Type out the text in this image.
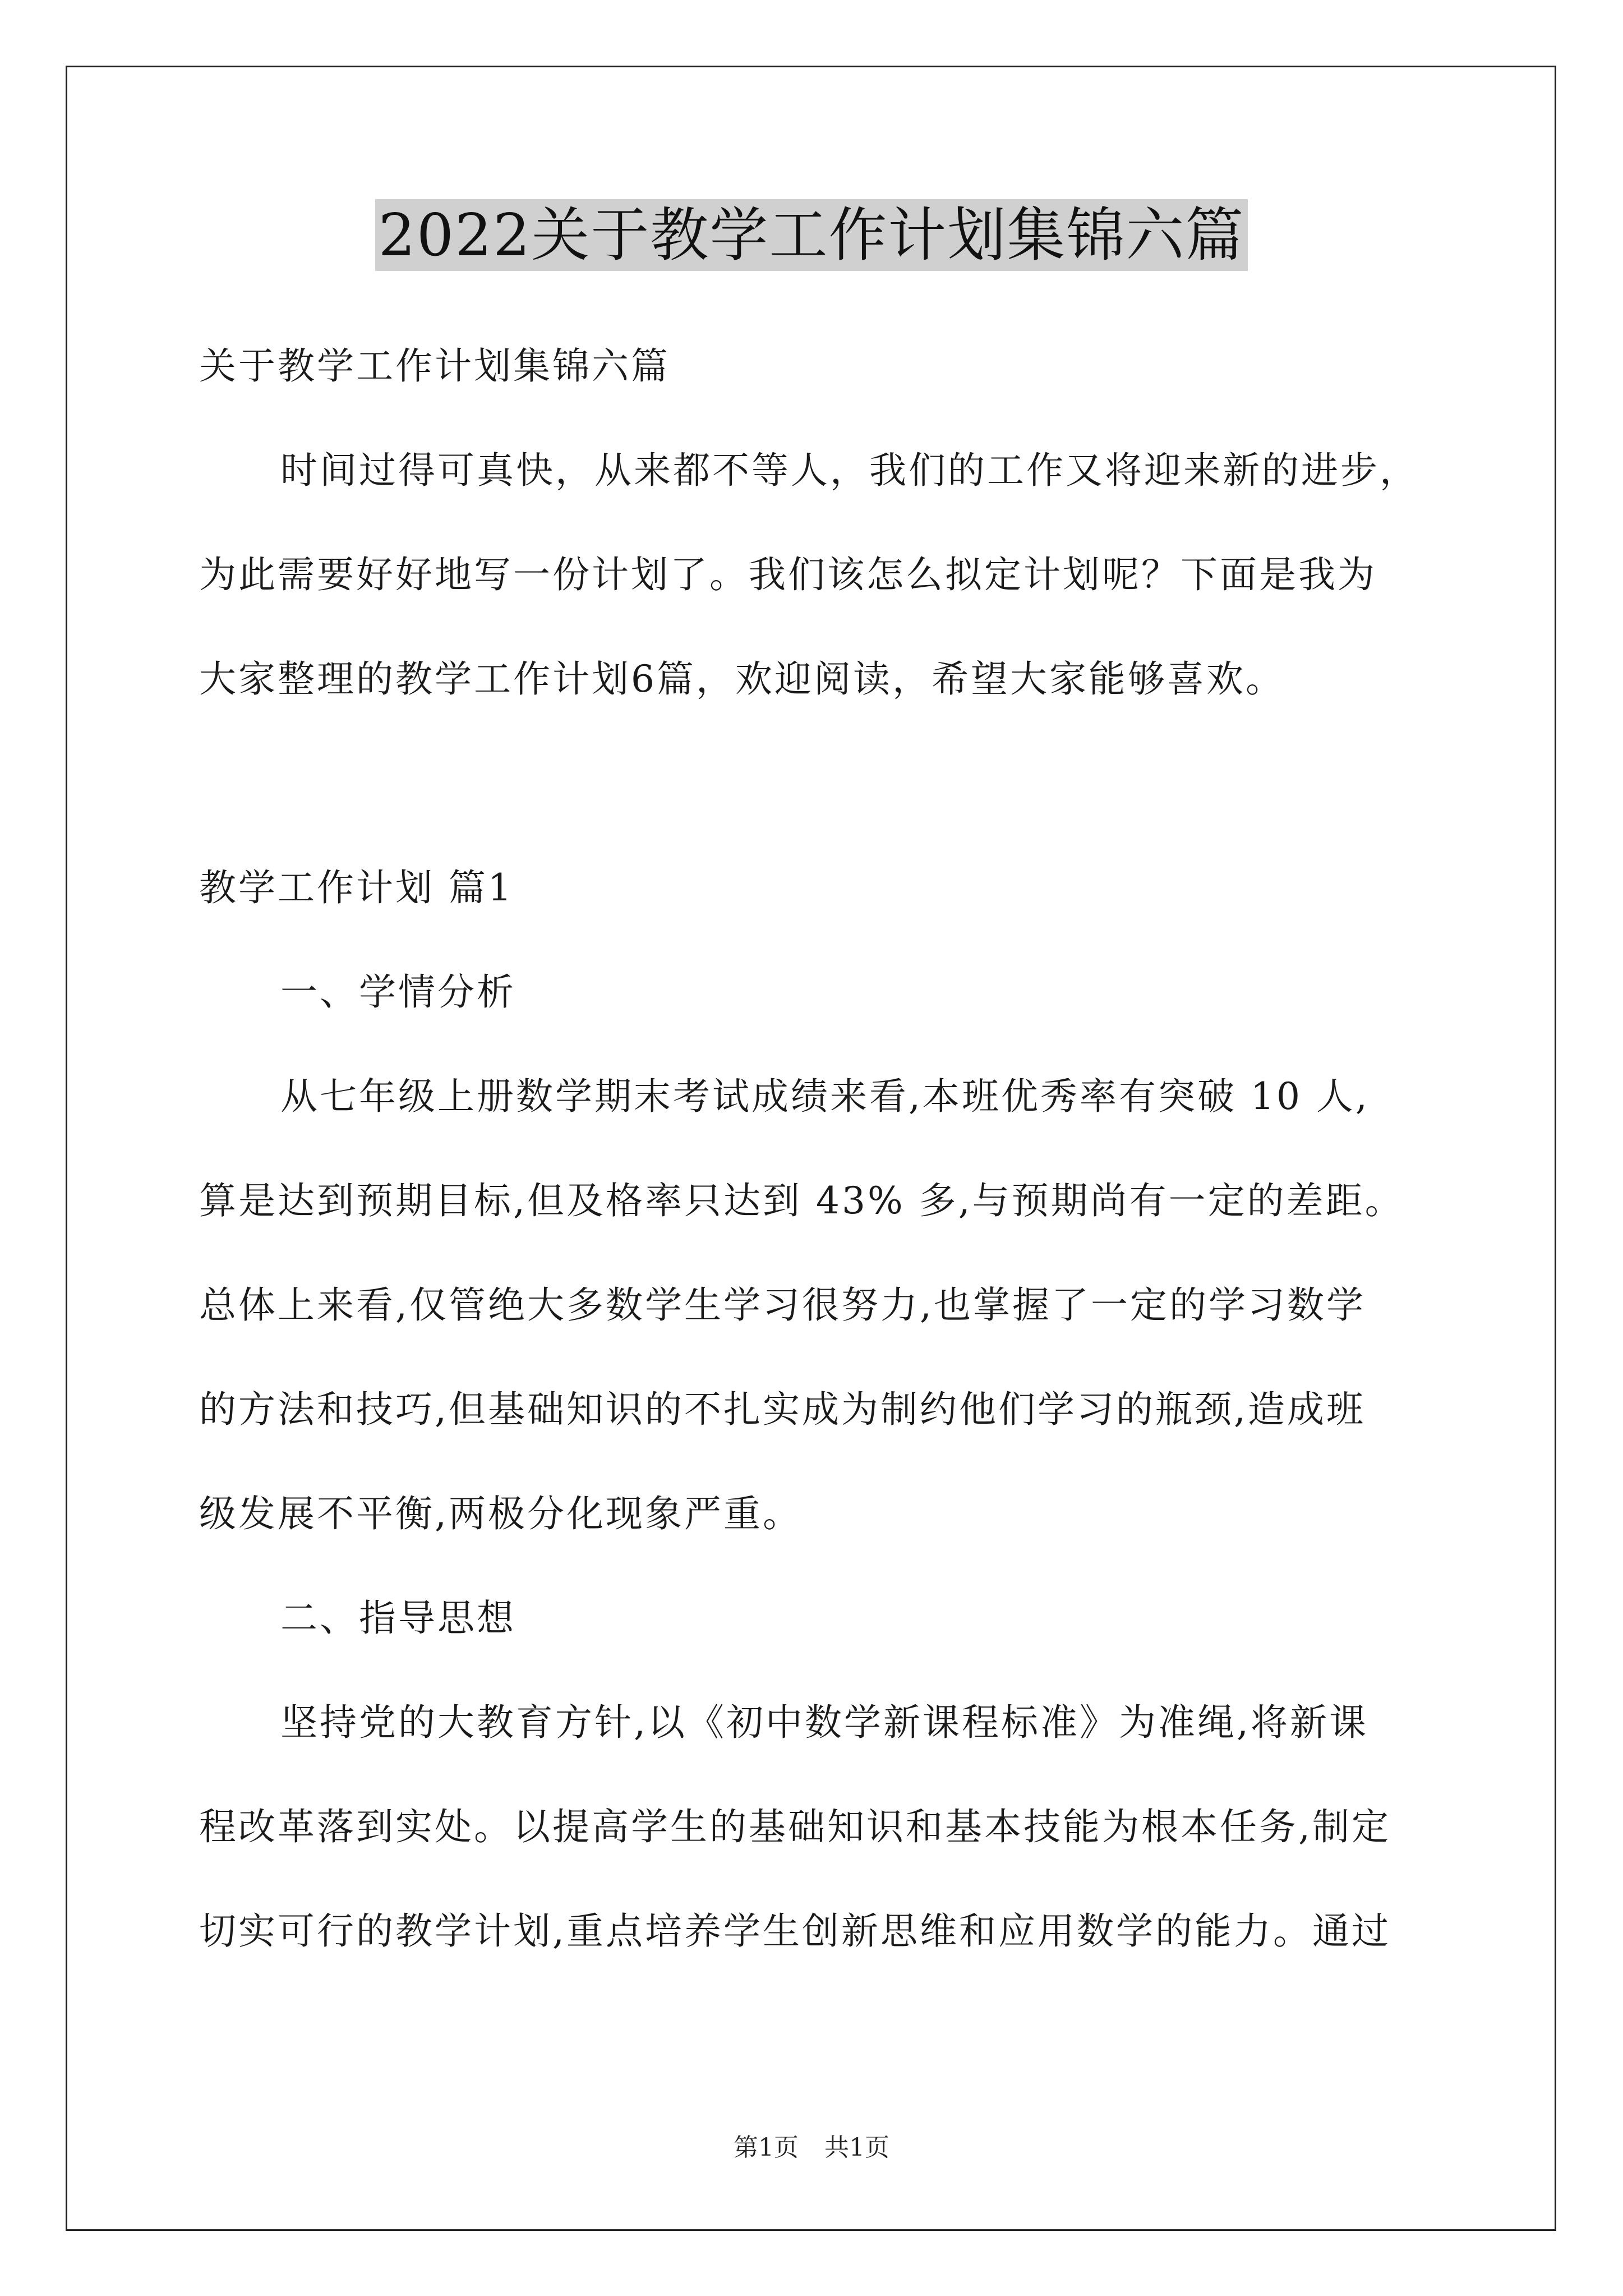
2022关于教学工作计划集锦六篇
关于教学工作计划集锦六篇
时间过得可真快，从来都不等人，我们的工作又将迎来新的进步，
为此需要好好地写一份计划了。我们该怎么拟定计划呢？下面是我为
大家整理的教学工作计划6篇，欢迎阅读，希望大家能够喜欢。
教学工作计划 篇1
一、学情分析
从七年级上册数学期末考试成绩来看,本班优秀率有突破 10 人,
算是达到预期目标,但及格率只达到 43% 多,与预期尚有一定的差距。
总体上来看,仅管绝大多数学生学习很努力,也掌握了一定的学习数学
的方法和技巧,但基础知识的不扎实成为制约他们学习的瓶颈,造成班
级发展不平衡,两极分化现象严重。
二、指导思想
坚持党的大教育方针,以《初中数学新课程标准》为准绳,将新课
程改革落到实处。以提高学生的基础知识和基本技能为根本任务,制定
切实可行的教学计划,重点培养学生创新思维和应用数学的能力。通过
第1页 共1页
